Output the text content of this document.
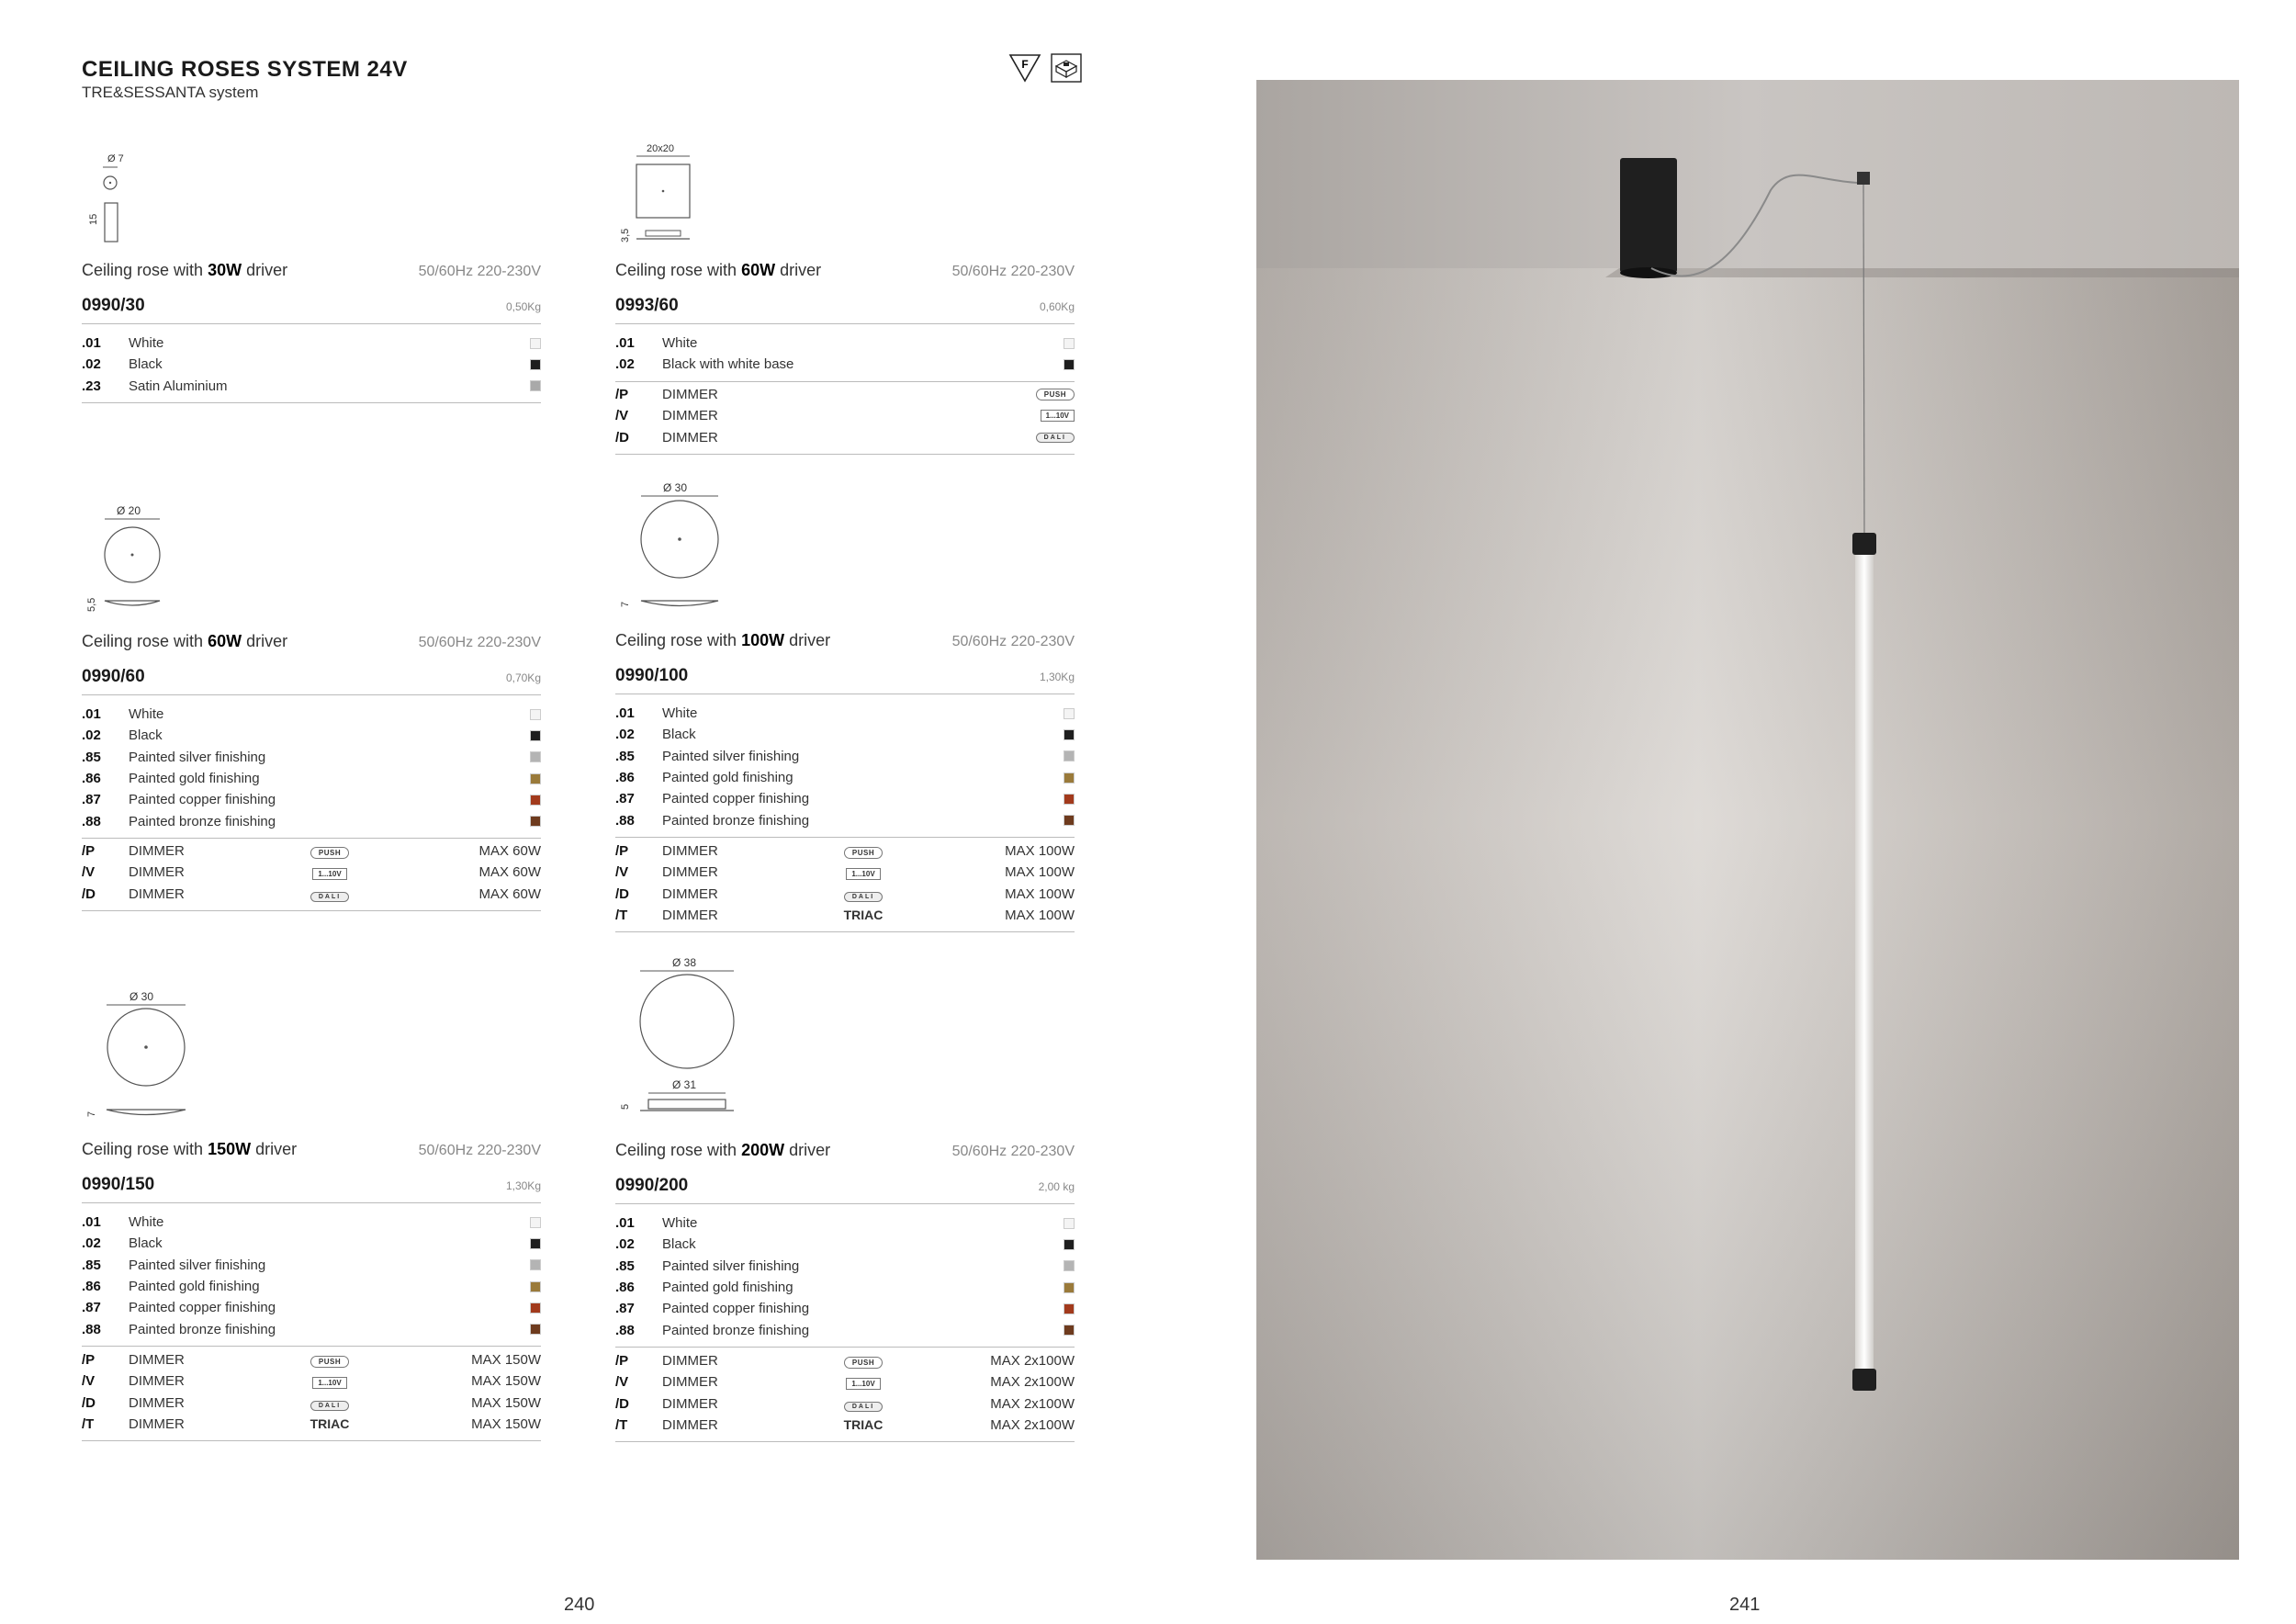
CEILING ROSES SYSTEM 24V
TRE&SESSANTA system
F
Ø 7
15
Ceiling rose with 30W driver	50/60Hz 220-230V
0990/30	0,50Kg
.01	White
.02	Black
.23	Satin Aluminium
20x20
3,5
Ceiling rose with 60W driver	50/60Hz 220-230V
0993/60	0,60Kg
.01	White
.02	Black with white base
/P	DIMMER	PUSH
/V	DIMMER	1...10V
/D	DIMMER	DALI
Ø 20
5,5
Ceiling rose with 60W driver	50/60Hz 220-230V
0990/60	0,70Kg
.01	White
.02	Black
.85	Painted silver finishing
.86	Painted gold finishing
.87	Painted copper finishing
.88	Painted bronze finishing
/P	DIMMER	PUSH	MAX 60W
/V	DIMMER	1...10V	MAX 60W
/D	DIMMER	DALI	MAX 60W
Ø 30
7
Ceiling rose with 100W driver	50/60Hz 220-230V
0990/100	1,30Kg
.01	White
.02	Black
.85	Painted silver finishing
.86	Painted gold finishing
.87	Painted copper finishing
.88	Painted bronze finishing
/P	DIMMER	PUSH	MAX 100W
/V	DIMMER	1...10V	MAX 100W
/D	DIMMER	DALI	MAX 100W
/T	DIMMER	TRIAC	MAX 100W
Ø 30
7
Ceiling rose with 150W driver	50/60Hz 220-230V
0990/150	1,30Kg
.01	White
.02	Black
.85	Painted silver finishing
.86	Painted gold finishing
.87	Painted copper finishing
.88	Painted bronze finishing
/P	DIMMER	PUSH	MAX 150W
/V	DIMMER	1...10V	MAX 150W
/D	DIMMER	DALI	MAX 150W
/T	DIMMER	TRIAC	MAX 150W
Ø 38
Ø 31
5
Ceiling rose with 200W driver	50/60Hz 220-230V
0990/200	2,00 kg
.01	White
.02	Black
.85	Painted silver finishing
.86	Painted gold finishing
.87	Painted copper finishing
.88	Painted bronze finishing
/P	DIMMER	PUSH	MAX 2x100W
/V	DIMMER	1...10V	MAX 2x100W
/D	DIMMER	DALI	MAX 2x100W
/T	DIMMER	TRIAC	MAX 2x100W
240	241
